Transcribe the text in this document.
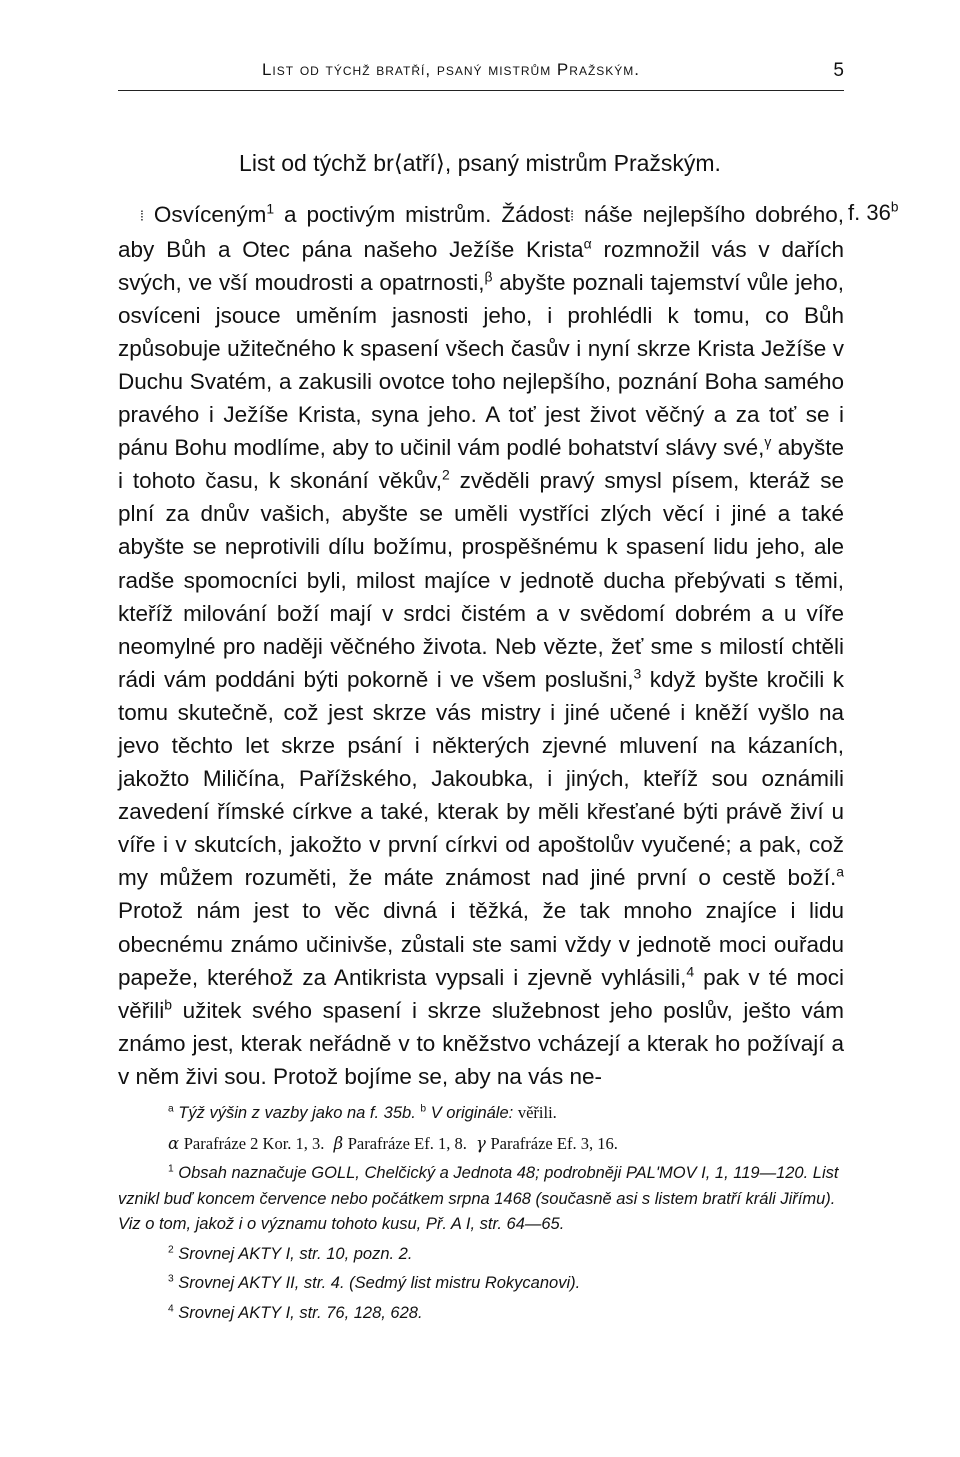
List od týchž bratří, psaný mistrům Pražským.	5
List od týchž br⟨atří⟩, psaný mistrům Pražským.
f. 36$^b$

⁞ Osvíceným$^1$ a poctivým mistrům. Žádost⁞ náše nejlepšího dobrého, aby Bůh a Otec pána našeho Ježíše Krista$^\alpha$ rozmnožil vás v dařích svých, ve vší moudrosti a opatrnosti,$^\beta$ abyšte poznali tajemství vůle jeho, osvíceni jsouce uměním jasnosti jeho, i prohlédli k tomu, co Bůh způsobuje užitečného k spasení všech časův i nyní skrze Krista Ježíše v Duchu Svatém, a zakusili ovotce toho nejlepšího, poznání Boha samého pravého i Ježíše Krista, syna jeho. A toť jest život věčný a za toť se i pánu Bohu modlíme, aby to učinil vám podlé bohatství slávy své,$^\gamma$ abyšte i tohoto času, k skonání věkův,$^2$ zvěděli pravý smysl písem, kteráž se plní za dnův vašich, abyšte se uměli vystříci zlých věcí i jiné a také abyšte se neprotivili dílu božímu, prospěšnému k spasení lidu jeho, ale radše spomocníci byli, milost majíce v jednotě ducha přebývati s těmi, kteříž milování boží mají v srdci čistém a v svědomí dobrém a u víře neomylné pro naději věčného života. Neb vězte, žeť sme s milostí chtěli rádi vám poddáni býti pokorně i ve všem poslušni,$^3$ když byšte kročili k tomu skutečně, což jest skrze vás mistry i jiné učené i kněží vyšlo na jevo těchto let skrze psání i některých zjevné mluvení na kázaních, jakožto Miličína, Pařížského, Jakoubka, i jiných, kteříž sou oznámili zavedení římské církve a také, kterak by měli křesťané býti právě živí u víře i v skutcích, jakožto v první církvi od apoštolův vyučené; a pak, což my můžem rozuměti, že máte známost nad jiné první o cestě boží.$^a$ Protož nám jest to věc divná i těžká, že tak mnoho znajíce i lidu obecnému známo učinivše, zůstali ste sami vždy v jednotě moci ouřadu papeže, kteréhož za Antikrista vypsali i zjevně vyhlásili,$^4$ pak v té moci věřili$^b$ užitek svého spasení i skrze služebnost jeho poslův, ješto vám známo jest, kterak neřádně v to kněžstvo vcházejí a kterak ho požívají a v něm živi sou. Protož bojíme se, aby na vás ne-

$^a$ Týž výšin z vazby jako na f. 35b. $^b$ V originále: věřili.

α Parafráze 2 Kor. 1, 3. β Parafráze Ef. 1, 8. γ Parafráze Ef. 3, 16.

$^1$ Obsah naznačuje GOLL, Chelčický a Jednota 48; podrobněji PAL'MOV I, 1, 119—120. List vznikl buď koncem července nebo počátkem srpna 1468 (současně asi s listem bratří králi Jiřímu). Viz o tom, jakož i o významu tohoto kusu, Př. A I, str. 64—65.

$^2$ Srovnej AKTY I, str. 10, pozn. 2.

$^3$ Srovnej AKTY II, str. 4. (Sedmý list mistru Rokycanovi).

$^4$ Srovnej AKTY I, str. 76, 128, 628.
